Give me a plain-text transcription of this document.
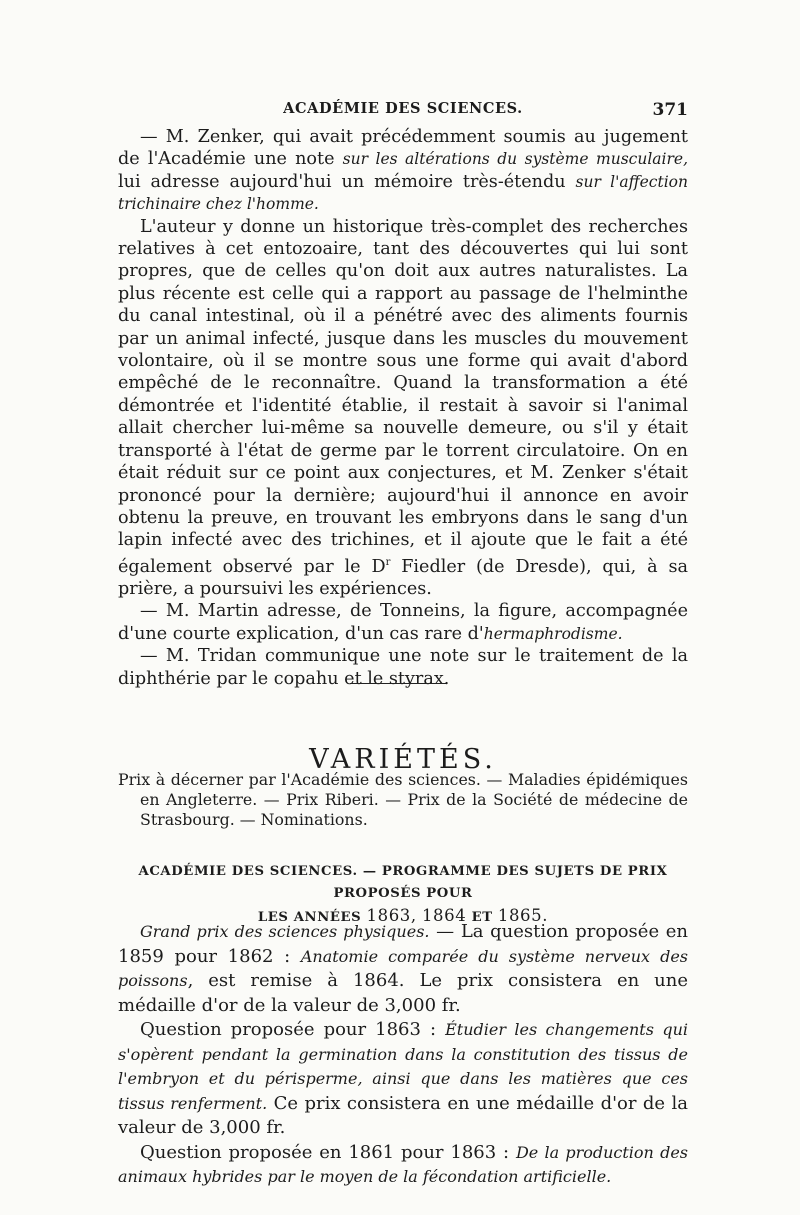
ACADÉMIE DES SCIENCES.	371

— M. Zenker, qui avait précédemment soumis au jugement de l'Académie une note sur les altérations du système musculaire, lui adresse aujourd'hui un mémoire très-étendu sur l'affection trichinaire chez l'homme.

L'auteur y donne un historique très-complet des recherches relatives à cet entozoaire, tant des découvertes qui lui sont propres, que de celles qu'on doit aux autres naturalistes. La plus récente est celle qui a rapport au passage de l'helminthe du canal intestinal, où il a pénétré avec des aliments fournis par un animal infecté, jusque dans les muscles du mouvement volontaire, où il se montre sous une forme qui avait d'abord empêché de le reconnaître. Quand la transformation a été démontrée et l'identité établie, il restait à savoir si l'animal allait chercher lui-même sa nouvelle demeure, ou s'il y était transporté à l'état de germe par le torrent circulatoire. On en était réduit sur ce point aux conjectures, et M. Zenker s'était prononcé pour la dernière; aujourd'hui il annonce en avoir obtenu la preuve, en trouvant les embryons dans le sang d'un lapin infecté avec des trichines, et il ajoute que le fait a été également observé par le $D^r$ Fiedler (de Dresde), qui, à sa prière, a poursuivi les expériences.

— M. Martin adresse, de Tonneins, la figure, accompagnée d'une courte explication, d'un cas rare d'hermaphrodisme.

— M. Tridan communique une note sur le traitement de la diphthérie par le copahu et le styrax.

VARIÉTÉS.
Prix à décerner par l'Académie des sciences. — Maladies épidémiques en Angleterre. — Prix Riberi. — Prix de la Société de médecine de Strasbourg. — Nominations.
ACADÉMIE DES SCIENCES. — PROGRAMME DES SUJETS DE PRIX PROPOSÉS POUR
LES ANNÉES 1863, 1864 ET 1865.

Grand prix des sciences physiques. — La question proposée en 1859 pour 1862 : Anatomie comparée du système nerveux des poissons, est remise à 1864. Le prix consistera en une médaille d'or de la valeur de 3,000 fr.

Question proposée pour 1863 : Étudier les changements qui s'opèrent pendant la germination dans la constitution des tissus de l'embryon et du périsperme, ainsi que dans les matières que ces tissus renferment. Ce prix consistera en une médaille d'or de la valeur de 3,000 fr.

Question proposée en 1861 pour 1863 : De la production des animaux hybrides par le moyen de la fécondation artificielle.
